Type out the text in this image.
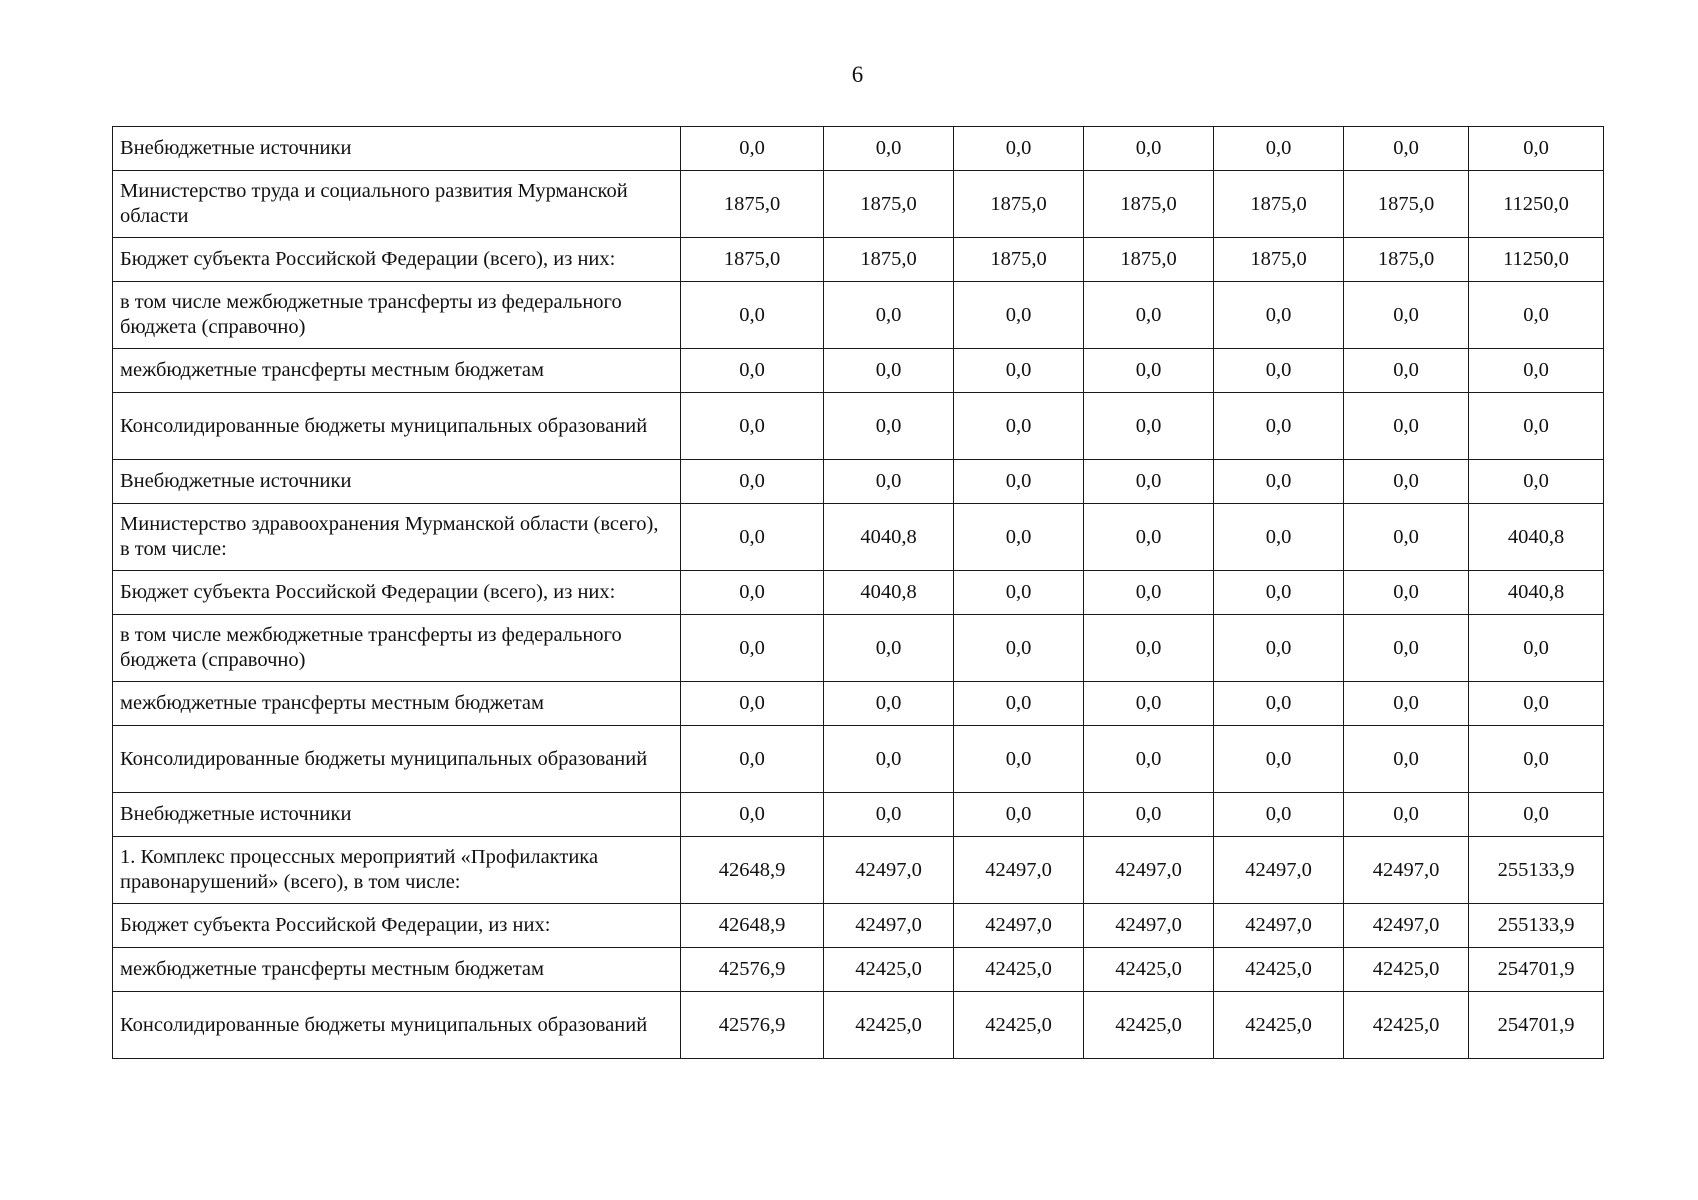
6
Внебюджетные источники	0,0	0,0	0,0	0,0	0,0	0,0	0,0
Министерство труда и социального развития Мурманской области	1875,0	1875,0	1875,0	1875,0	1875,0	1875,0	11250,0
Бюджет субъекта Российской Федерации (всего), из них:	1875,0	1875,0	1875,0	1875,0	1875,0	1875,0	11250,0
в том числе межбюджетные трансферты из федерального бюджета (справочно)	0,0	0,0	0,0	0,0	0,0	0,0	0,0
межбюджетные трансферты местным бюджетам	0,0	0,0	0,0	0,0	0,0	0,0	0,0
Консолидированные бюджеты муниципальных образований	0,0	0,0	0,0	0,0	0,0	0,0	0,0
Внебюджетные источники	0,0	0,0	0,0	0,0	0,0	0,0	0,0
Министерство здравоохранения Мурманской области (всего), в том числе:	0,0	4040,8	0,0	0,0	0,0	0,0	4040,8
Бюджет субъекта Российской Федерации (всего), из них:	0,0	4040,8	0,0	0,0	0,0	0,0	4040,8
в том числе межбюджетные трансферты из федерального бюджета (справочно)	0,0	0,0	0,0	0,0	0,0	0,0	0,0
межбюджетные трансферты местным бюджетам	0,0	0,0	0,0	0,0	0,0	0,0	0,0
Консолидированные бюджеты муниципальных образований	0,0	0,0	0,0	0,0	0,0	0,0	0,0
Внебюджетные источники	0,0	0,0	0,0	0,0	0,0	0,0	0,0
1. Комплекс процессных мероприятий «Профилактика правонарушений» (всего), в том числе:	42648,9	42497,0	42497,0	42497,0	42497,0	42497,0	255133,9
Бюджет субъекта Российской Федерации, из них:	42648,9	42497,0	42497,0	42497,0	42497,0	42497,0	255133,9
межбюджетные трансферты местным бюджетам	42576,9	42425,0	42425,0	42425,0	42425,0	42425,0	254701,9
Консолидированные бюджеты муниципальных образований	42576,9	42425,0	42425,0	42425,0	42425,0	42425,0	254701,9
